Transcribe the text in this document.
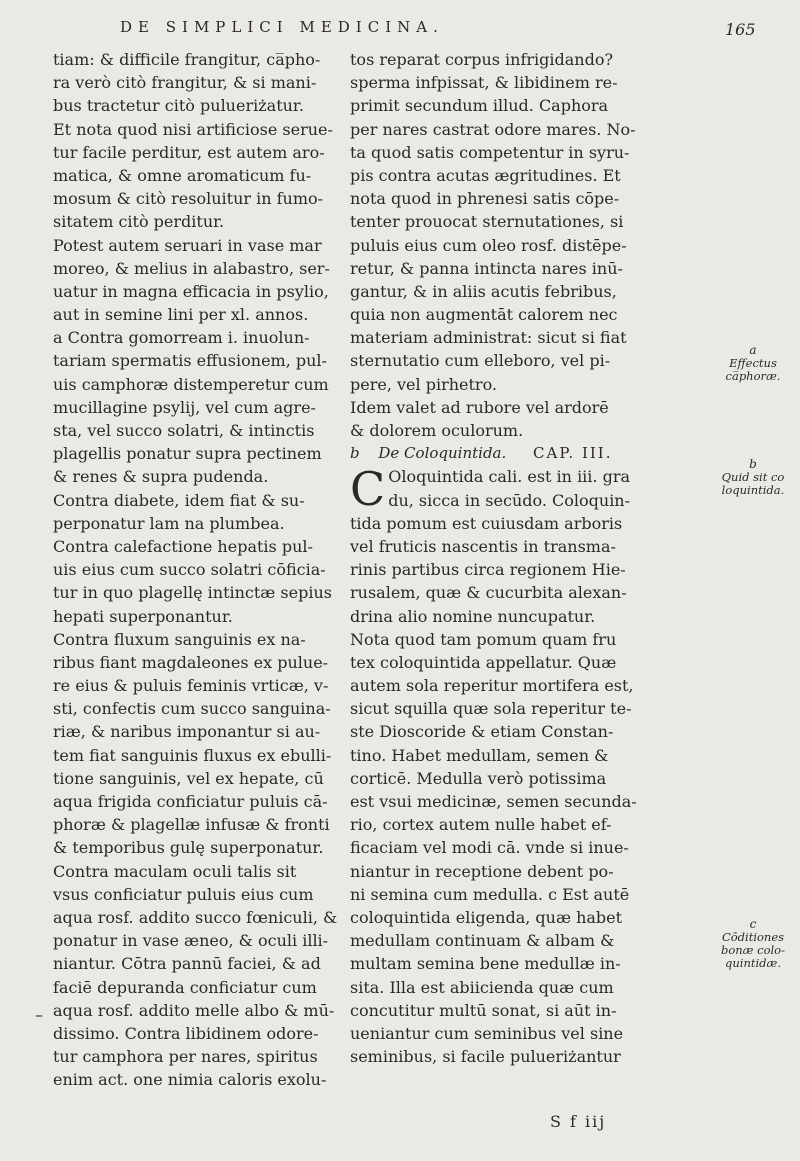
DE SIMPLICI MEDICINA.	165
tiam: & difficile frangitur, ca̅pho-
ra verò citò frangitur, & si mani-
bus tractetur citò pulueriżatur.
Et nota quod nisi artificiose serue-
tur facile perditur, est autem aro-
matica, & omne aromaticum fu-
mosum & citò resoluitur in fumo-
sitatem citò perditur.
Potest autem seruari in vase mar
moreo, & melius in alabastro, ser-
uatur in magna efficacia in psylio,
aut in semine lini per xl. annos.
a Contra gomorream i. inuolun-
tariam spermatis effusionem, pul-
uis camphoræ distemperetur cum
mucillagine psylij, vel cum agre-
sta, vel succo solatri, & intinctis
plagellis ponatur supra pectinem
& renes & supra pudenda.
Contra diabete, idem fiat & su-
perponatur lam na plumbea.
Contra calefactione hepatis pul-
uis eius cum succo solatri cōficia-
tur in quo plagellę intinctæ sepius
hepati superponantur.
Contra fluxum sanguinis ex na-
ribus fiant magdaleones ex pulue-
re eius & puluis feminis vrticæ, v-
sti, confectis cum succo sanguina-
riæ, & naribus imponantur si au-
tem fiat sanguinis fluxus ex ebulli-
tione sanguinis, vel ex hepate, cū
aqua frigida conficiatur puluis cā-
phoræ & plagellæ infusæ & fronti
& temporibus gulę superponatur.
Contra maculam oculi talis sit
vsus conficiatur puluis eius cum
aqua rosf. addito succo fœniculi, &
ponatur in vase æneo, & oculi illi-
niantur. Cōtra pannū faciei, & ad
faciē depuranda conficiatur cum
aqua rosf. addito melle albo & mū-
dissimo. Contra libidinem odore-
tur camphora per nares, spiritus
enim act. one nimia caloris exolu-
tos reparat corpus infrigidando?
sperma infpissat, & libidinem re-
primit secundum illud. Caphora
per nares castrat odore mares. No-
ta quod satis competentur in syru-
pis contra acutas ægritudines. Et
nota quod in phrenesi satis cōpe-
tenter prouocat sternutationes, si
puluis eius cum oleo rosf. distēpe-
retur, & panna intincta nares inū-
gantur, & in aliis acutis febribus,
quia non augmentāt calorem nec
materiam administrat: sicut si fiat
sternutatio cum elleboro, vel pi-
pere, vel pirhetro.
Idem valet ad rubore vel ardorē
& dolorem oculorum.
b De Coloquintida. CAP. III.
C Oloquintida cali. est in iii. gra
du, sicca in secūdo. Coloquin-
tida pomum est cuiusdam arboris
vel fruticis nascentis in transma-
rinis partibus circa regionem Hie-
rusalem, quæ & cucurbita alexan-
drina alio nomine nuncupatur.
Nota quod tam pomum quam fru
tex coloquintida appellatur. Quæ
autem sola reperitur mortifera est,
sicut squilla quæ sola reperitur te-
ste Dioscoride & etiam Constan-
tino. Habet medullam, semen &
corticē. Medulla verò potissima
est vsui medicinæ, semen secunda-
rio, cortex autem nulle habet ef-
ficaciam vel modi cā. vnde si inue-
niantur in receptione debent po-
ni semina cum medulla. c Est autē
coloquintida eligenda, quæ habet
medullam continuam & albam &
multam semina bene medullæ in-
sita. Illa est abiicienda quæ cum
concutitur multū sonat, si aūt in-
ueniantur cum seminibus vel sine
seminibus, si facile pulueriżantur
a
Effectus ca̅phoræ.
b
Quid sit co loquintida.
c
Cōditiones bonæ colo- quintidæ.
–
S f iij
